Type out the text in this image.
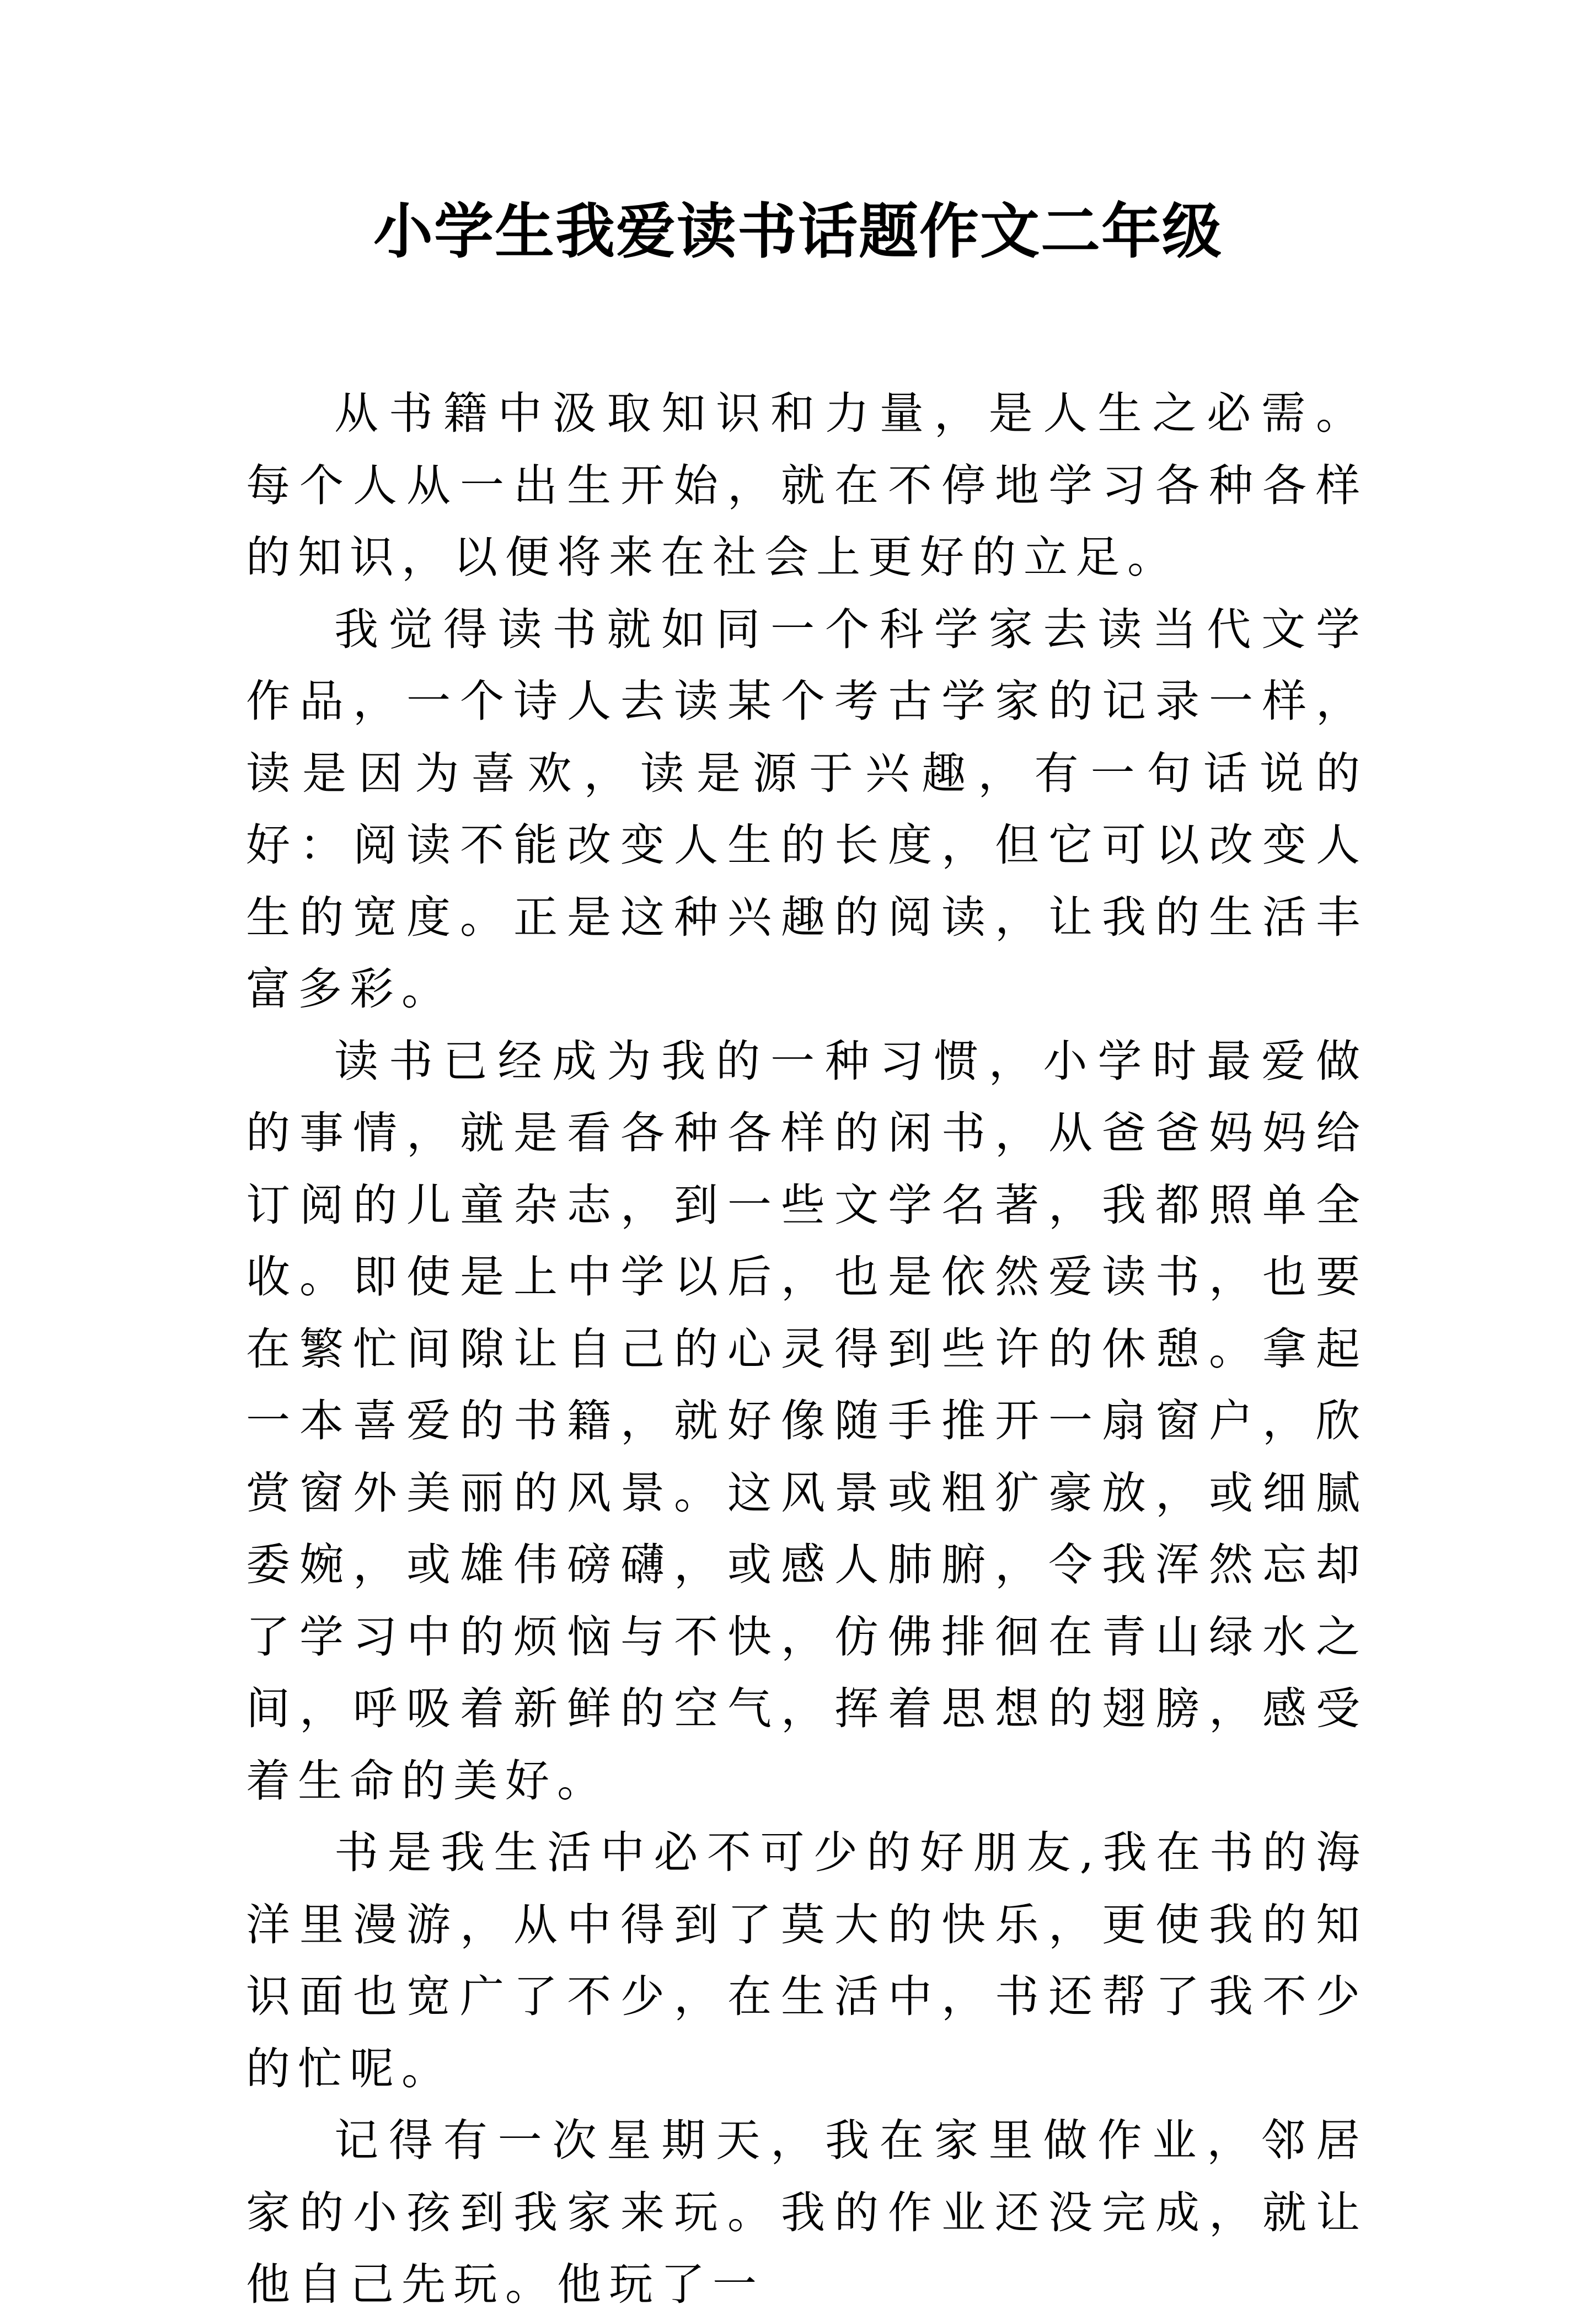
小学生我爱读书话题作文二年级

从书籍中汲取知识和力量，是人生之必需。每个人从一出生开始，就在不停地学习各种各样的知识，以便将来在社会上更好的立足。

我觉得读书就如同一个科学家去读当代文学作品，一个诗人去读某个考古学家的记录一样，读是因为喜欢，读是源于兴趣，有一句话说的好：阅读不能改变人生的长度，但它可以改变人生的宽度。正是这种兴趣的阅读，让我的生活丰富多彩。

读书已经成为我的一种习惯，小学时最爱做的事情，就是看各种各样的闲书，从爸爸妈妈给订阅的儿童杂志，到一些文学名著，我都照单全收。即使是上中学以后，也是依然爱读书，也要在繁忙间隙让自己的心灵得到些许的休憩。拿起一本喜爱的书籍，就好像随手推开一扇窗户，欣赏窗外美丽的风景。这风景或粗犷豪放，或细腻委婉，或雄伟磅礴，或感人肺腑，令我浑然忘却了学习中的烦恼与不快，仿佛排徊在青山绿水之间，呼吸着新鲜的空气，挥着思想的翅膀，感受着生命的美好。

书是我生活中必不可少的好朋友,我在书的海洋里漫游，从中得到了莫大的快乐，更使我的知识面也宽广了不少，在生活中，书还帮了我不少的忙呢。

记得有一次星期天，我在家里做作业，邻居家的小孩到我家来玩。我的作业还没完成，就让他自己先玩。他玩了一
